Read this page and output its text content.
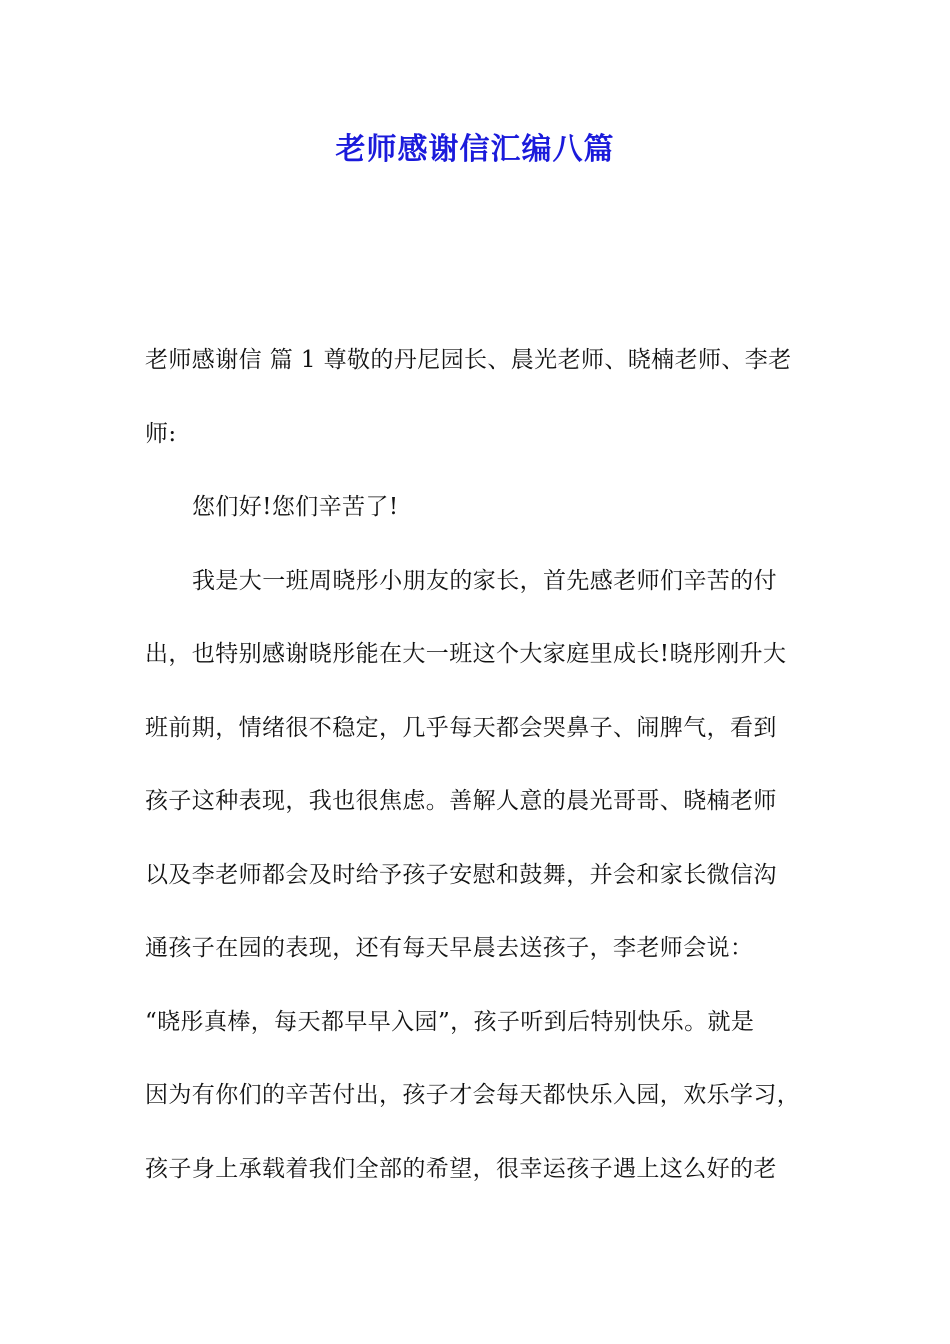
老师感谢信汇编八篇
老师感谢信 篇 1 尊敬的丹尼园长、晨光老师、晓楠老师、李老
师:
您们好!您们辛苦了!
我是大一班周晓彤小朋友的家长，首先感老师们辛苦的付
出，也特别感谢晓彤能在大一班这个大家庭里成长!晓彤刚升大
班前期，情绪很不稳定，几乎每天都会哭鼻子、闹脾气，看到
孩子这种表现，我也很焦虑。善解人意的晨光哥哥、晓楠老师
以及李老师都会及时给予孩子安慰和鼓舞，并会和家长微信沟
通孩子在园的表现，还有每天早晨去送孩子，李老师会说：
“晓彤真棒，每天都早早入园”，孩子听到后特别快乐。就是
因为有你们的辛苦付出，孩子才会每天都快乐入园，欢乐学习，
孩子身上承载着我们全部的希望，很幸运孩子遇上这么好的老
